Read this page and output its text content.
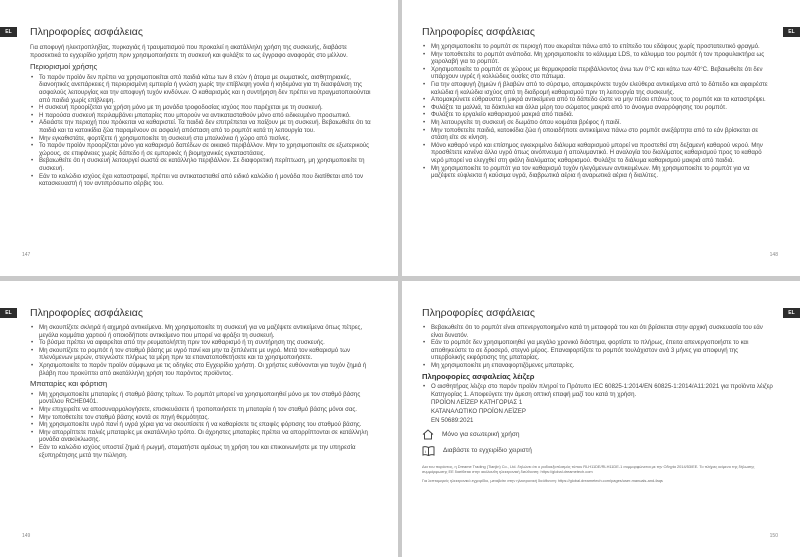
EL	Πληροφορίες ασφάλειας

Για αποφυγή ηλεκτροπληξίας, πυρκαγιάς ή τραυματισμού που προκαλεί η ακατάλληλη χρήση της συσκευής, διαβάστε προσεκτικά το εγχειρίδιο χρήστη πριν χρησιμοποιήσετε τη συσκευή και φυλάξτε το ως έγγραφο αναφοράς στο μέλλον.

Περιορισμοί χρήσης
• Το παρόν προϊόν δεν πρέπει να χρησιμοποιείται από παιδιά κάτω των 8 ετών ή άτομα με σωματικές, αισθητηριακές, διανοητικές ανεπάρκειες ή περιορισμένη εμπειρία ή γνώση χωρίς την επίβλεψη γονέα ή κηδεμόνα για τη διασφάλιση της ασφαλούς λειτουργίας και την αποφυγή τυχόν κινδύνων. Ο καθαρισμός και η συντήρηση δεν πρέπει να πραγματοποιούνται από παιδιά χωρίς επίβλεψη.
• Η συσκευή προορίζεται για χρήση μόνο με τη μονάδα τροφοδοσίας ισχύος που παρέχεται με τη συσκευή.
• Η παρούσα συσκευή περιλαμβάνει μπαταρίες που μπορούν να αντικατασταθούν μόνο από ειδικευμένο προσωπικό.
• Αδειάστε την περιοχή που πρόκειται να καθαριστεί. Τα παιδιά δεν επιτρέπεται να παίζουν με τη συσκευή. Βεβαιωθείτε ότι τα παιδιά και τα κατοικίδια ζώα παραμένουν σε ασφαλή απόσταση από το ρομπότ κατά τη λειτουργία του.
• Μην εγκαθιστάτε, φορτίζετε ή χρησιμοποιείτε τη συσκευή στα μπαλκόνια ή χώρο από πισίνες.
• Το παρόν προϊόν προορίζεται μόνο για καθαρισμό δαπέδων σε οικιακό περιβάλλον. Μην το χρησιμοποιείτε σε εξωτερικούς χώρους, σε επιφάνειες χωρίς δάπεδο ή σε εμπορικές ή βιομηχανικές εγκαταστάσεις.
• Βεβαιωθείτε ότι η συσκευή λειτουργεί σωστά σε κατάλληλο περιβάλλον. Σε διαφορετική περίπτωση, μη χρησιμοποιείτε τη συσκευή.
• Εάν το καλώδιο ισχύος έχει καταστραφεί, πρέπει να αντικατασταθεί από ειδικό καλώδιο ή μονάδα που διατίθεται από τον κατασκευαστή ή τον αντιπρόσωπο σέρβις του.
147
EL
Πληροφορίες ασφάλειας
• Μη χρησιμοποιείτε το ρομπότ σε περιοχή που αιωρείται πάνω από το επίπεδο του εδάφους χωρίς προστατευτικό φραγμό.
• Μην τοποθετείτε το ρομπότ ανάποδα. Μη χρησιμοποιείτε το κάλυμμα LDS, το κάλυμμα του ρομπότ ή τον προφυλακτήρα ως χειρολαβή για το ρομπότ.
• Χρησιμοποιείτε το ρομπότ σε χώρους με θερμοκρασία περιβάλλοντος άνω των 0°C και κάτω των 40°C. Βεβαιωθείτε ότι δεν υπάρχουν υγρές ή κολλώδεις ουσίες στο πάτωμα.
• Για την αποφυγή ζημιών ή βλαβών από το σύρσιμο, απομακρύνετε τυχόν ελεύθερα αντικείμενα από το δάπεδο και αφαιρέστε καλώδια ή καλώδια ισχύος από τη διαδρομή καθαρισμού πριν τη λειτουργία της συσκευής.
• Απομακρύνετε εύθραυστα ή μικρά αντικείμενα από το δάπεδο ώστε να μην πέσει επάνω τους το ρομπότ και τα καταστρέψει.
• Φυλάξτε τα μαλλιά, τα δάκτυλα και άλλα μέρη του σώματος μακριά από το άνοιγμα αναρρόφησης του ρομπότ.
• Φυλάξτε το εργαλείο καθαρισμού μακριά από παιδιά.
• Μη λειτουργείτε τη συσκευή σε δωμάτιο όπου κοιμάται βρέφος ή παιδί.
• Μην τοποθετείτε παιδιά, κατοικίδια ζώα ή οποιαδήποτε αντικείμενα πάνω στο ρομπότ ανεξάρτητα από το εάν βρίσκεται σε στάση είτε σε κίνηση.
• Μόνο καθαρό νερό και επίσημος εγκεκριμένο διάλυμα καθαρισμού μπορεί να προστεθεί στη δεξαμενή καθαρού νερού. Μην προσθέτετε κανένα άλλο υγρό όπως οινόπνευμα ή απολυμαντικό. Η αναλογία του διαλύματος καθαρισμού προς το καθαρό νερό μπορεί να ελεγχθεί στη φιάλη διαλύματος καθαρισμού. Φυλάξτε το διάλυμα καθαρισμού μακριά από παιδιά.
• Μη χρησιμοποιείτε το ρομπότ για τον καθαρισμό τυχόν ηλεγόμενων αντικειμένων. Μη χρησιμοποιείτε το ρομπότ για να μαζέψετε εύφλεκτα ή καύσιμα υγρά, διαβρωτικά αέρια ή αναρωτικά αέρια ή διαλύτες.
148
EL	Πληροφορίες ασφάλειας
• Μη σκουπίζετε σκληρά ή αιχμηρά αντικείμενα. Μη χρησιμοποιείτε τη συσκευή για να μαζέψετε αντικείμενα όπως πέτρες, μεγάλα κομμάτια χαρτιού ή οποιοδήποτε αντικείμενο που μπορεί να φράξει τη συσκευή.
• Το βύσμα πρέπει να αφαιρείται από την ρευματολήπτη πριν τον καθαρισμό ή τη συντήρηση της συσκευής.
• Μη σκουπίζετε το ρομπότ ή τον σταθμό βάσης με υγρό πανί και μην τα ξεπλένετε με υγρό. Μετά τον καθαρισμό των πλενόμενων μερών, στεγνώστε πλήρως τα μέρη πριν τα επανατοποθετήσετε και τα χρησιμοποιήσετε.
• Χρησιμοποιείτε το παρόν προϊόν σύμφωνα με τις οδηγίες στο Εγχειρίδιο χρήστη. Οι χρήστες ευθύνονται για τυχόν ζημιά ή βλάβη που προκύπτει από ακατάλληλη χρήση του παρόντος προϊόντος.
Μπαταρίες και φόρτιση
• Μη χρησιμοποιείτε μπαταρίες ή σταθμό βάσης τρίτων. Το ρομπότ μπορεί να χρησιμοποιηθεί μόνο με τον σταθμό βάσης μοντέλου RCHE0401.
• Μην επιχειρείτε να αποσυναρμολογήσετε, επισκευάσετε ή τροποποιήσετε τη μπαταρία ή τον σταθμό βάσης μόνοι σας.
• Μην τοποθετείτε τον σταθμό βάσης κοντά σε πηγή θερμότητας.
• Μη χρησιμοποιείτε υγρό πανί ή υγρά χέρια για να σκουπίσετε ή να καθαρίσετε τις επαφές φόρτισης του σταθμού βάσης.
• Μην απορρίπτετε παλιές μπαταρίες με ακατάλληλο τρόπο. Οι άχρηστες μπαταρίες πρέπει να απορρίπτονται σε κατάλληλη μονάδα ανακύκλωσης.
• Εάν το καλώδιο ισχύος υποστεί ζημιά ή ρωγμή, σταματήστε αμέσως τη χρήση του και επικοινωνήστε με την υπηρεσία εξυπηρέτησης μετά την πώληση.
149
EL
Πληροφορίες ασφάλειας
• Βεβαιωθείτε ότι το ρομπότ είναι απενεργοποιημένο κατά τη μεταφορά του και ότι βρίσκεται στην αρχική συσκευασία του εάν είναι δυνατόν.
• Εάν το ρομπότ δεν χρησιμοποιηθεί για μεγάλο χρονικό διάστημα, φορτίστε το πλήρως, έπειτα απενεργοποιήστε το και αποθηκεύστε το σε δροσερό, στεγνό μέρος. Επαναφορτίζετε το ρομπότ τουλάχιστον ανά 3 μήνες για αποφυγή της υπερβολικής εκφόρτισης της μπαταρίας.
• Μη χρησιμοποιείτε μη επαναφορτιζόμενες μπαταρίες.
Πληροφορίες ασφαλείας λέιζερ
• Ο αισθητήρας λέιζερ στο παρόν προϊόν πληροί το Πρότυπο IEC 60825-1:2014/EN 60825-1:2014/A11:2021 για προϊόντα λέιζερ Κατηγορίας 1. Αποφεύγετε την άμεση οπτική επαφή μαζί του κατά τη χρήση.
ΠΡΟΪΟΝ ΛΕΪΖΕΡ ΚΑΤΗΓΟΡΙΑΣ 1
ΚΑΤΑΝΑΛΩΤΙΚΟ ΠΡΟΪΟΝ ΛΕΪΖΕΡ
EN 50689:2021
Μόνο για εσωτερική χρήση
i	Διαβάστε το εγχειρίδιο χειριστή

Δια του παρόντος, η Dreame Trading (Tianjin) Co., Ltd. δηλώνει ότι ο ραδιοεξοπλισμός τύπου RLH11DE/RLH11DE-1 συμμορφώνεται με την Οδηγία 2014/53/ΕΕ. Το πλήρες κείμενο της δήλωσης συμμόρφωσης ΕΕ διατίθεται στην ακόλουθη ηλεκτρονική διεύθυνση: https://global.dreametech.com

Για λεπτομερείς ηλεκτρονικό εγχειρίδιο, μεταβείτε στην ηλεκτρονική διεύθυνση: https://global.dreametech.com/pages/user-manuals-and-faqs

150
